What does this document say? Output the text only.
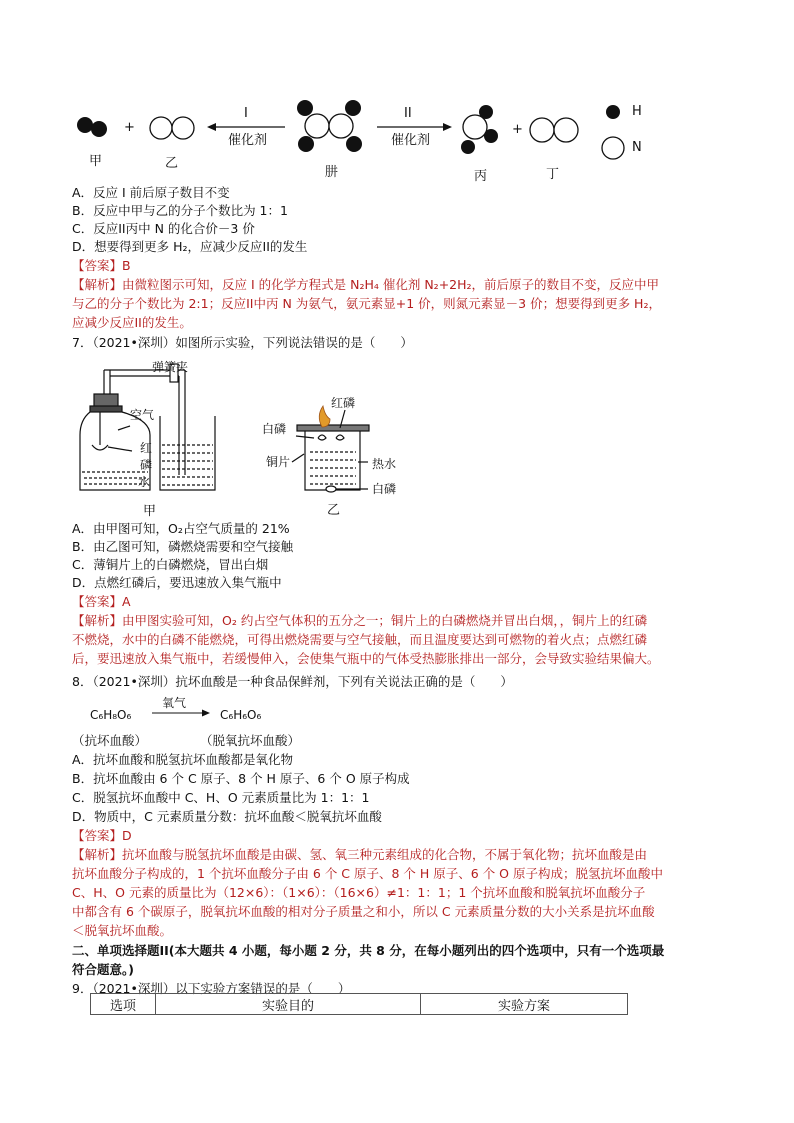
+	+
I
催化剂
II
催化剂
甲	乙
肼	丙	丁
H
N
A．反应 I 前后原子数目不变
B．反应中甲与乙的分子个数比为 1：1
C．反应II丙中 N 的化合价－3 价
D．想要得到更多 H₂，应减少反应II的发生
【答案】B
【解析】由微粒图示可知，反应 I 的化学方程式是 N₂H₄ 催化剂 N₂+2H₂，前后原子的数目不变，反应中甲
与乙的分子个数比为 2:1；反应II中丙 N 为氨气，氨元素显+1 价，则氮元素显－3 价；想要得到更多 H₂，
应减少反应II的发生。
7．（2021•深圳）如图所示实验，下列说法错误的是（　　）
弹簧夹
空气
红
磷
水
甲
红磷
白磷
铜片	热水
白磷
乙
A．由甲图可知，O₂占空气质量的 21%
B．由乙图可知，磷燃烧需要和空气接触
C．薄铜片上的白磷燃烧，冒出白烟
D．点燃红磷后，要迅速放入集气瓶中
【答案】A
【解析】由甲图实验可知，O₂ 约占空气体积的五分之一；铜片上的白磷燃烧并冒出白烟，，铜片上的红磷
不燃烧，水中的白磷不能燃烧，可得出燃烧需要与空气接触，而且温度要达到可燃物的着火点；点燃红磷
后，要迅速放入集气瓶中，若缓慢伸入，会使集气瓶中的气体受热膨胀排出一部分，会导致实验结果偏大。
8．（2021•深圳）抗坏血酸是一种食品保鲜剂，下列有关说法正确的是（　　）
C₆H₈O₆
氧气
C₆H₆O₆
（抗坏血酸）	（脱氧抗坏血酸）
A．抗坏血酸和脱氢抗坏血酸都是氧化物
B．抗坏血酸由 6 个 C 原子、8 个 H 原子、6 个 O 原子构成
C．脱氢抗坏血酸中 C、H、O 元素质量比为 1：1：1
D．物质中，C 元素质量分数：抗坏血酸＜脱氧抗坏血酸
【答案】D
【解析】抗坏血酸与脱氢抗坏血酸是由碳、氢、氧三种元素组成的化合物，不属于氧化物；抗坏血酸是由
抗坏血酸分子构成的，1 个抗坏血酸分子由 6 个 C 原子、8 个 H 原子、6 个 O 原子构成；脱氢抗坏血酸中
C、H、O 元素的质量比为（12×6）：（1×6）：（16×6）≠1：1：1；1 个抗坏血酸和脱氧抗坏血酸分子
中都含有 6 个碳原子，脱氧抗坏血酸的相对分子质量之和小，所以 C 元素质量分数的大小关系是抗坏血酸
＜脱氧抗坏血酸。
二、单项选择题II(本大题共 4 小题，每小题 2 分，共 8 分，在每小题列出的四个选项中，只有一个选项最
符合题意。)
9．（2021•深圳）以下实验方案错误的是（　　）
选项	实验目的	实验方案
